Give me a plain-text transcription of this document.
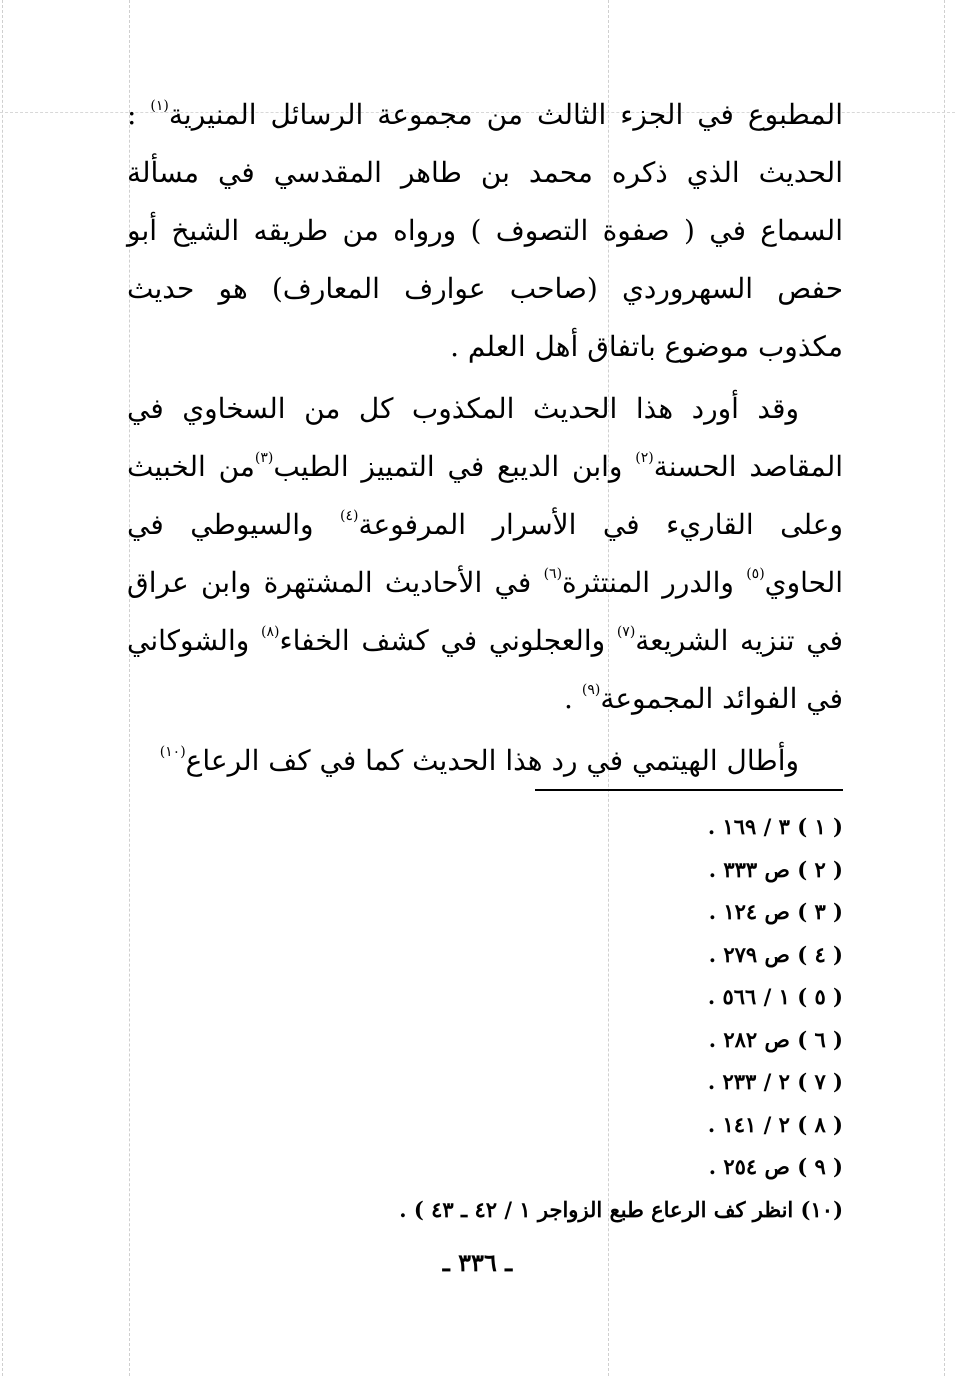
المطبوع في الجزء الثالث من مجموعة الرسائل المنيرية$^{(١)}$ : الحديث الذي ذكره محمد بن طاهر المقدسي في مسألة السماع في ( صفوة التصوف ) ورواه من طريقه الشيخ أبو حفص السهروردي (صاحب عوارف المعارف) هو حديث مكذوب موضوع باتفاق أهل العلم .

وقد أورد هذا الحديث المكذوب كل من السخاوي في المقاصد الحسنة$^{(٢)}$ وابن الديبع في التمييز الطيب$^{(٣)}$من الخبيث وعلى القاريء في الأسرار المرفوعة$^{(٤)}$ والسيوطي في الحاوي$^{(٥)}$ والدرر المنتثرة$^{(٦)}$ في الأحاديث المشتهرة وابن عراق في تنزيه الشريعة$^{(٧)}$ والعجلوني في كشف الخفاء$^{(٨)}$ والشوكاني في الفوائد المجموعة$^{(٩)}$ .

وأطال الهيتمي في رد هذا الحديث كما في كف الرعاع$^{(١٠)}$

( ١ ) ٣ / ١٦٩ .
( ٢ ) ص ٣٣٣ .
( ٣ ) ص ١٢٤ .
( ٤ ) ص ٢٧٩ .
( ٥ ) ١ / ٥٦٦ .
( ٦ ) ص ٢٨٢ .
( ٧ ) ٢ / ٢٣٣ .
( ٨ ) ٢ / ١٤١ .
( ٩ ) ص ٢٥٤ .
(١٠) انظر كف الرعاع طبع الزواجر ١ / ٤٢ ـ ٤٣ ) .
ـ ٣٣٦ ـ
